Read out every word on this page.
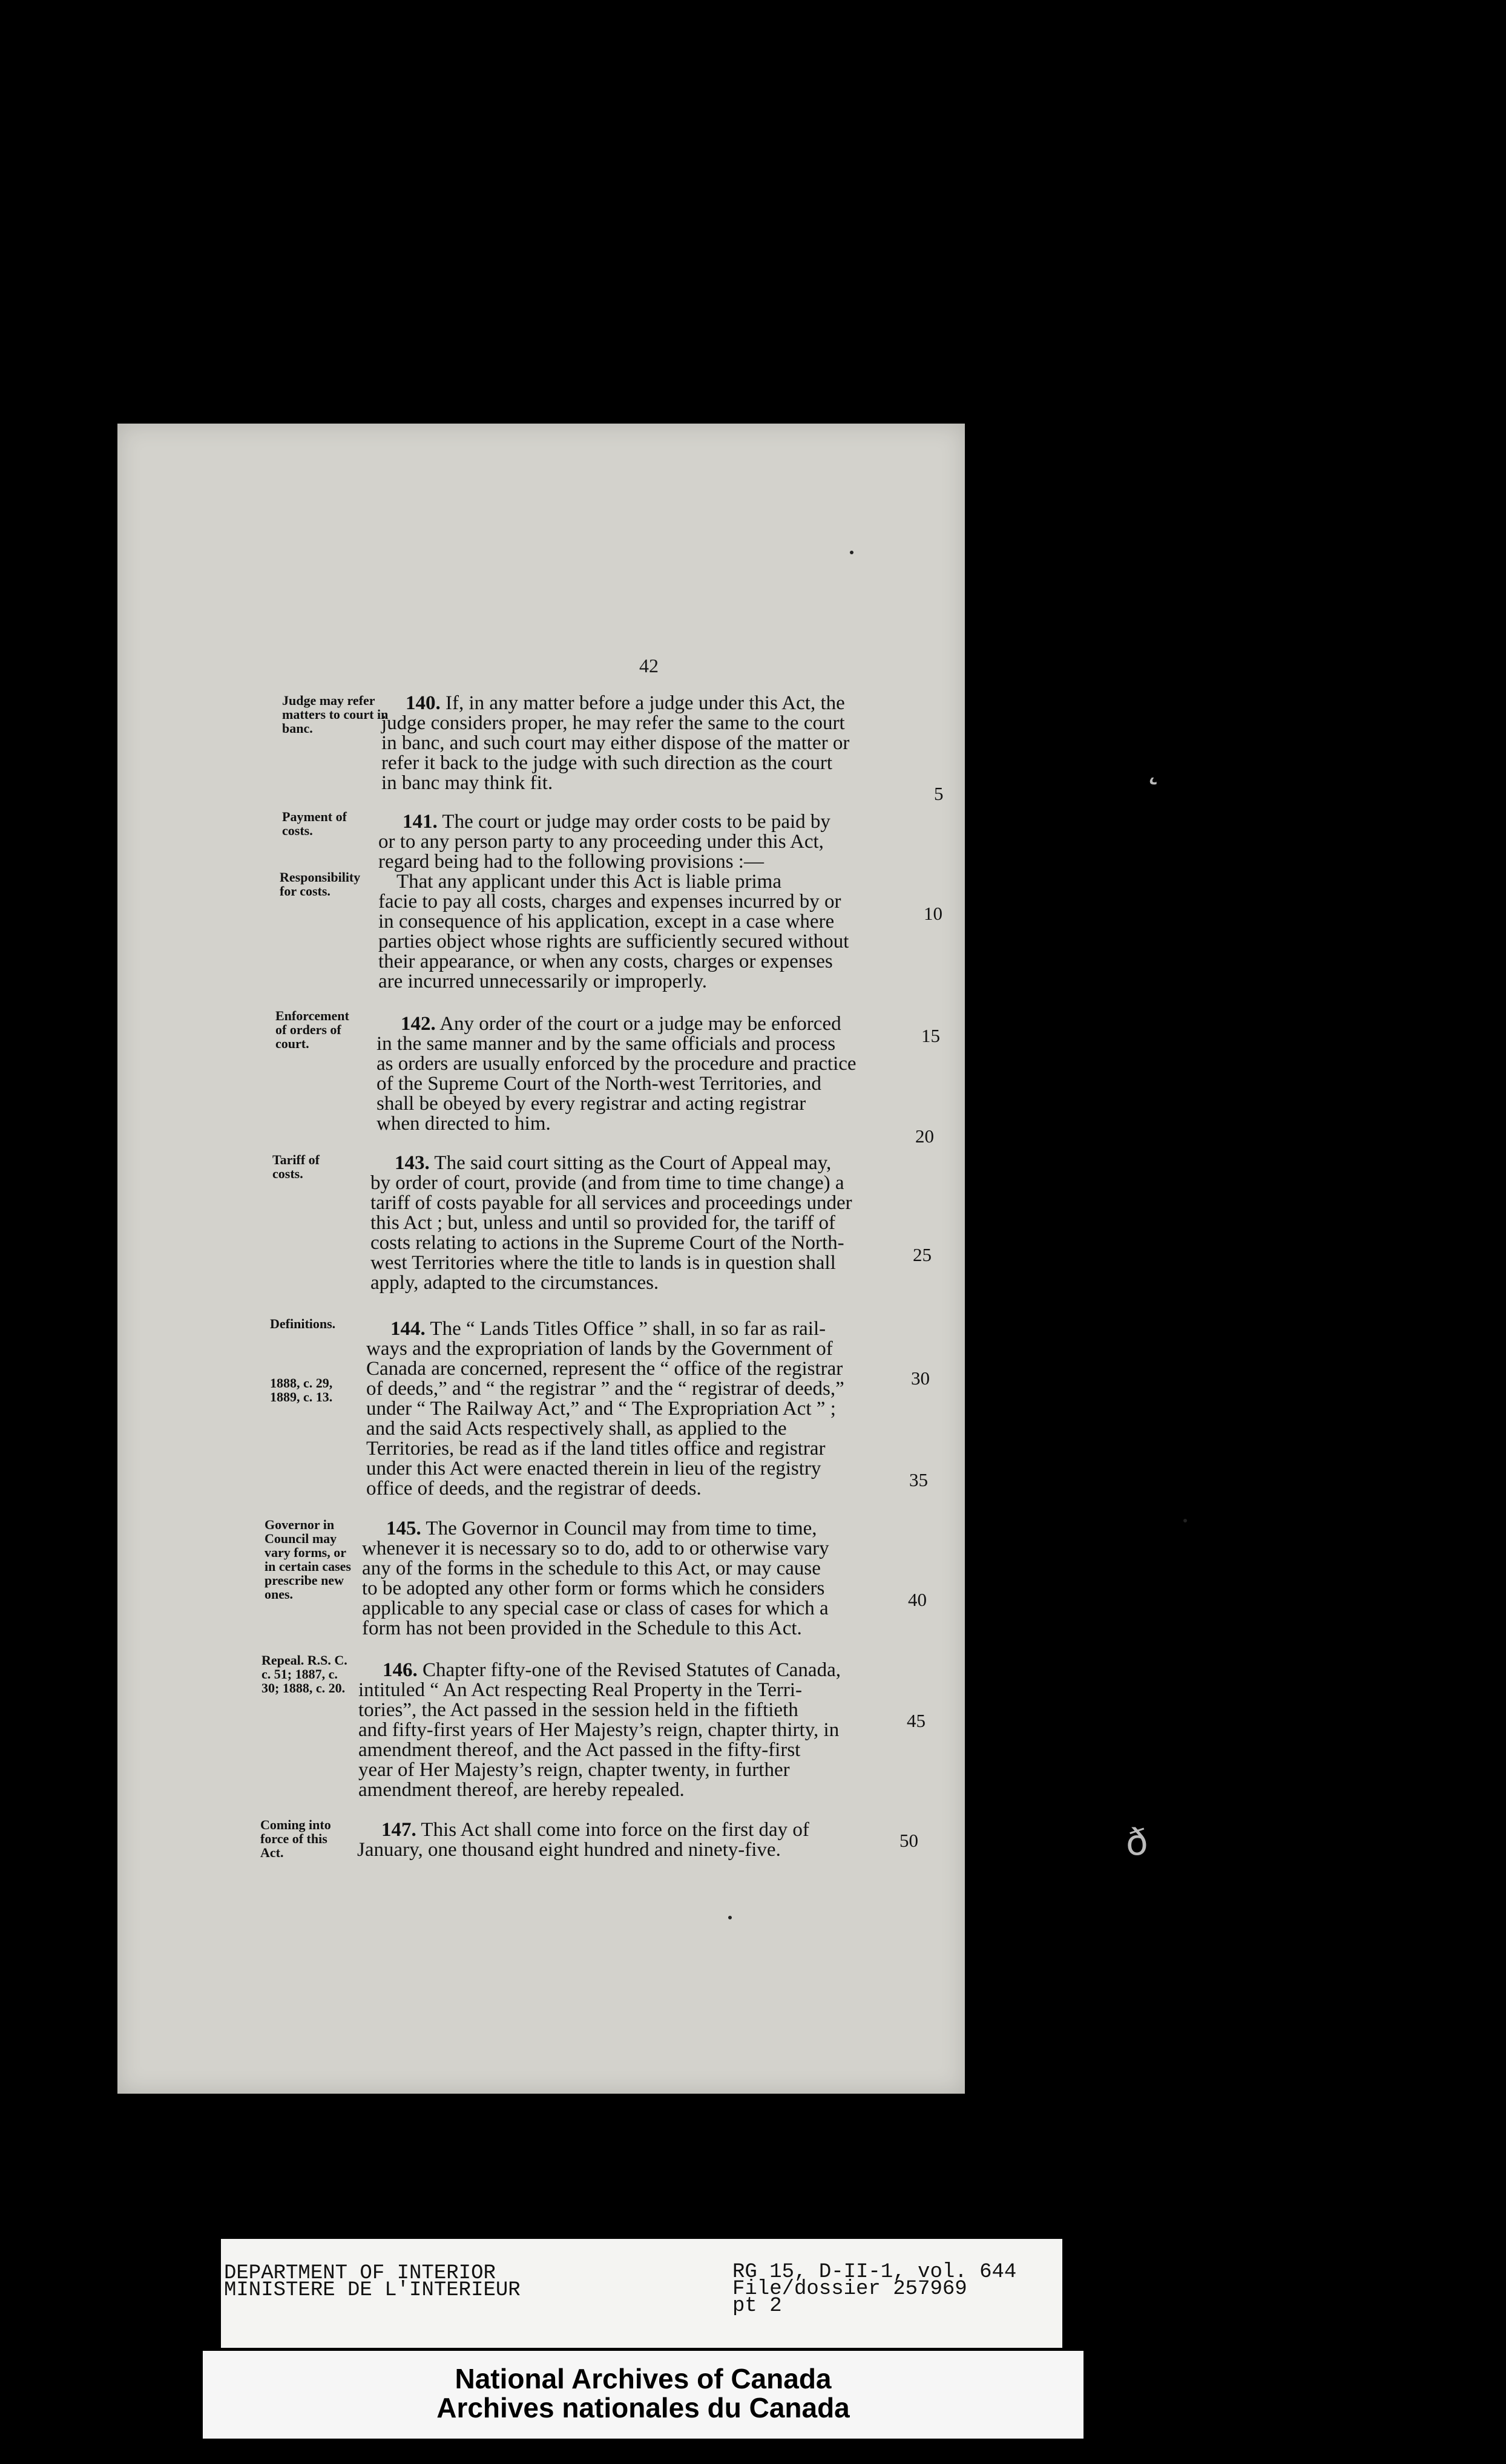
42
Judge may refer matters to court in banc.
140. If, in any matter before a judge under this Act, the
judge considers proper, he may refer the same to the court
in banc, and such court may either dispose of the matter or
refer it back to the judge with such direction as the court
in banc may think fit.	5
Payment of costs.
Responsibility for costs.
141. The court or judge may order costs to be paid by
or to any person party to any proceeding under this Act,
regard being had to the following provisions :—
That any applicant under this Act is liable prima
facie to pay all costs, charges and expenses incurred by or
in consequence of his application, except in a case where
parties object whose rights are sufficiently secured without
their appearance, or when any costs, charges or expenses
are incurred unnecessarily or improperly.
10
Enforcement of orders of court.
142. Any order of the court or a judge may be enforced
in the same manner and by the same officials and process
as orders are usually enforced by the procedure and practice
of the Supreme Court of the North-west Territories, and
shall be obeyed by every registrar and acting registrar
when directed to him.
15
20
Tariff of costs.	143. The said court sitting as the Court of Appeal may,
by order of court, provide (and from time to time change) a
tariff of costs payable for all services and proceedings under
this Act ; but, unless and until so provided for, the tariff of
costs relating to actions in the Supreme Court of the North-
west Territories where the title to lands is in question shall
apply, adapted to the circumstances.
25
Definitions.
1888, c. 29, 1889, c. 13.
144. The “ Lands Titles Office ” shall, in so far as rail-
ways and the expropriation of lands by the Government of
Canada are concerned, represent the “ office of the registrar
of deeds,” and “ the registrar ” and the “ registrar of deeds,”
under “ The Railway Act,” and “ The Expropriation Act ” ;
and the said Acts respectively shall, as applied to the
Territories, be read as if the land titles office and registrar
under this Act were enacted therein in lieu of the registry
office of deeds, and the registrar of deeds.
30
35
Governor in Council may vary forms, or in certain cases prescribe new ones.
145. The Governor in Council may from time to time,
whenever it is necessary so to do, add to or otherwise vary
any of the forms in the schedule to this Act, or may cause
to be adopted any other form or forms which he considers
applicable to any special case or class of cases for which a
form has not been provided in the Schedule to this Act.
40
Repeal. R.S. C. c. 51; 1887, c. 30; 1888, c. 20.
146. Chapter fifty-one of the Revised Statutes of Canada,
intituled “ An Act respecting Real Property in the Terri-
tories”, the Act passed in the session held in the fiftieth
and fifty-first years of Her Majesty’s reign, chapter thirty, in
amendment thereof, and the Act passed in the fifty-first
year of Her Majesty’s reign, chapter twenty, in further
amendment thereof, are hereby repealed.
45
Coming into force of this Act.
147. This Act shall come into force on the first day of
January, one thousand eight hundred and ninety-five.	50
˛
ð
DEPARTMENT OF INTERIOR
MINISTERE DE L'INTERIEUR
RG 15, D-II-1, vol. 644
File/dossier 257969
pt 2
National Archives of Canada
Archives nationales du Canada
